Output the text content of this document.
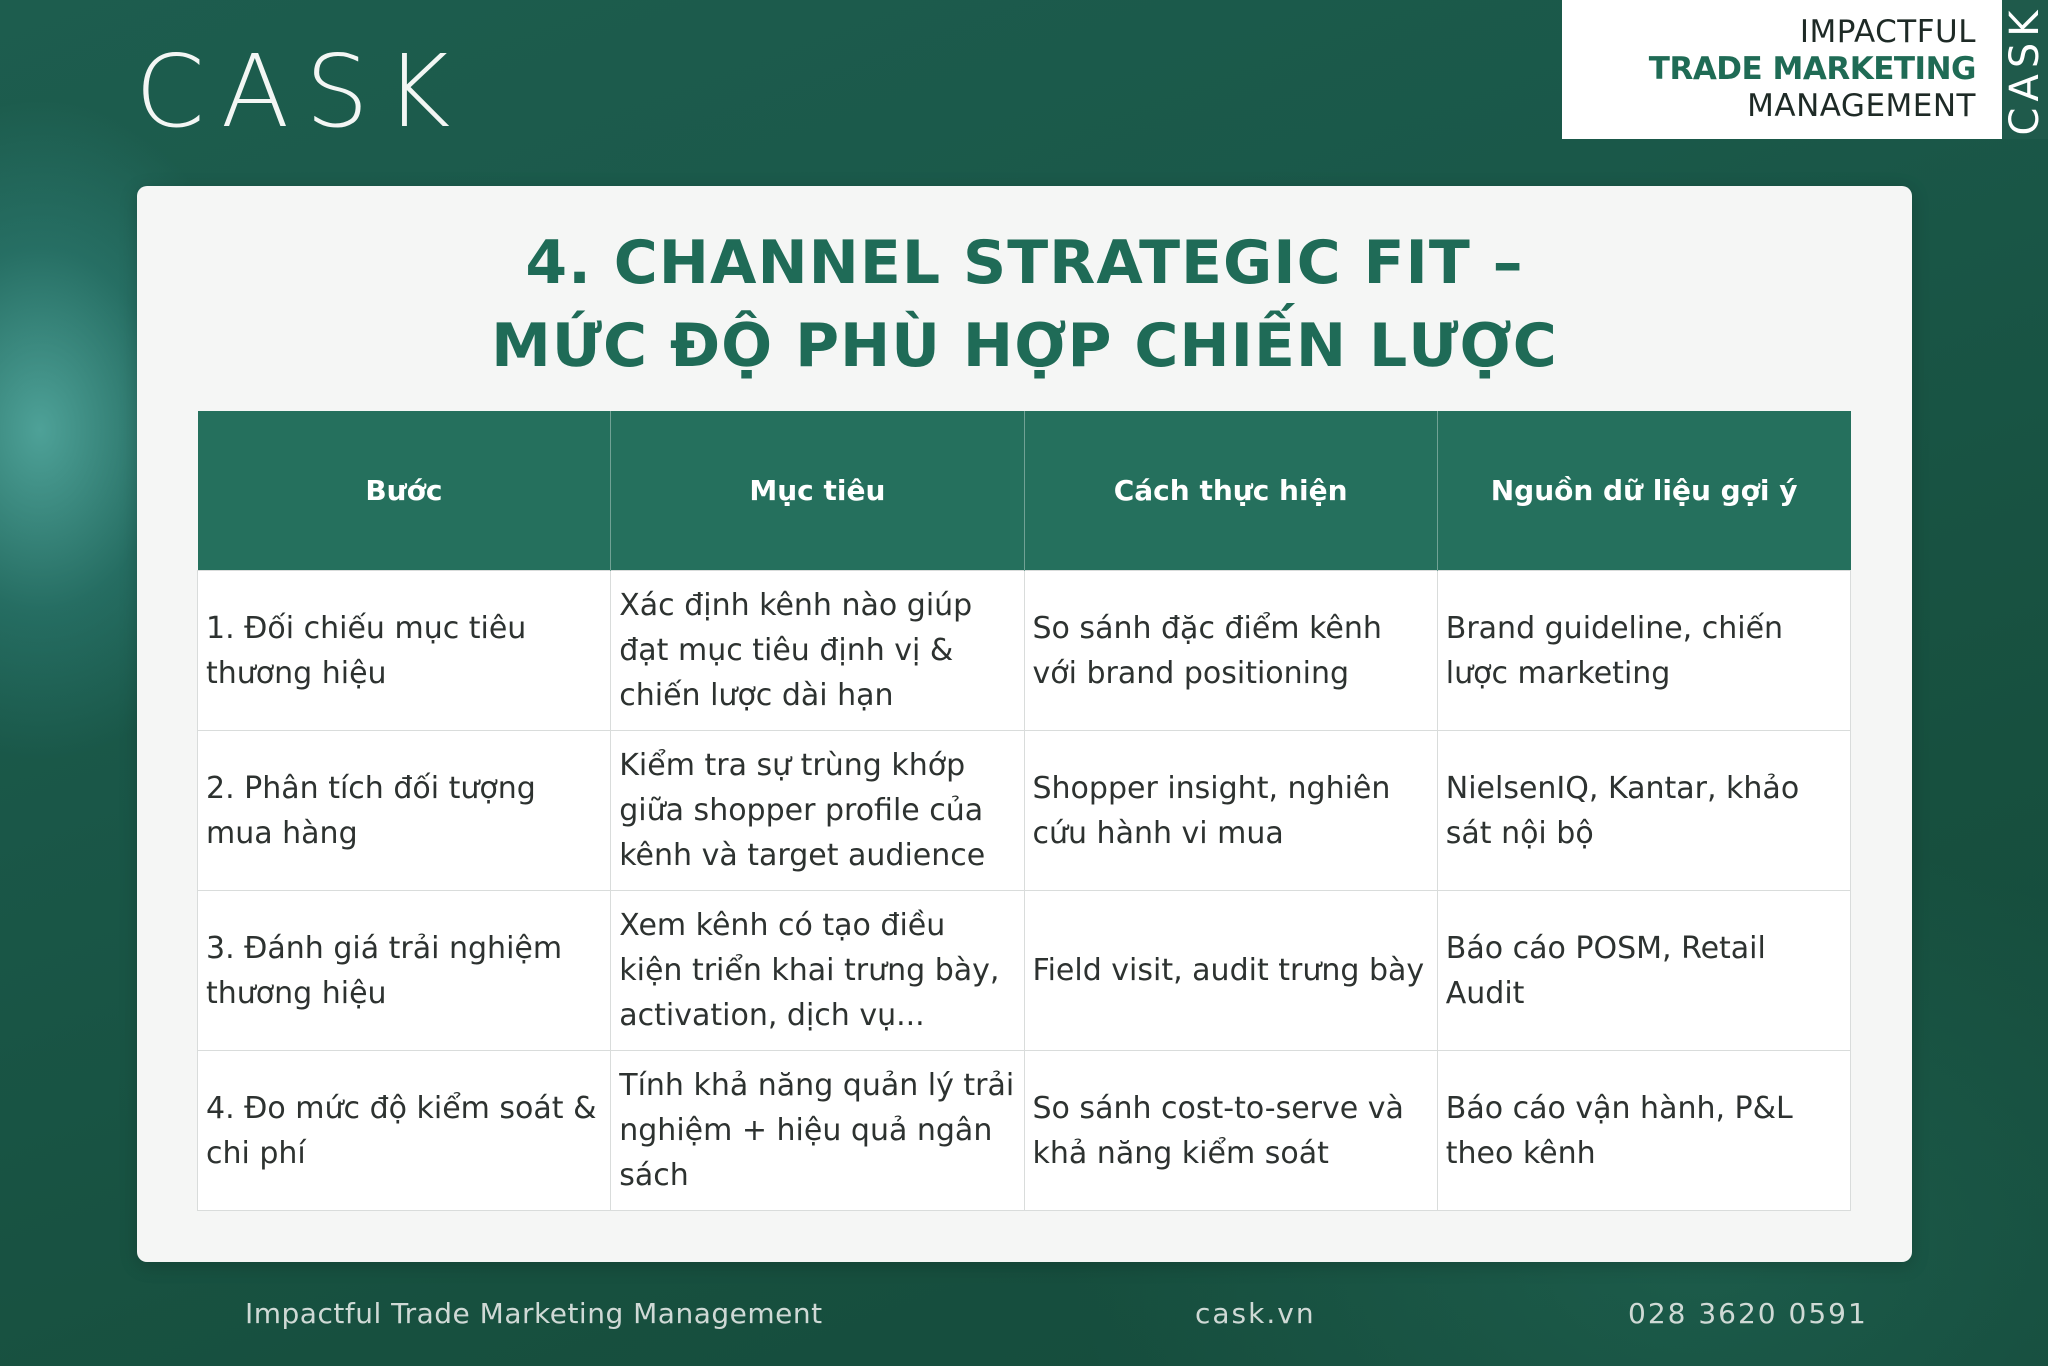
CASK
IMPACTFUL
TRADE MARKETING
MANAGEMENT CASK
4. CHANNEL STRATEGIC FIT –
MỨC ĐỘ PHÙ HỢP CHIẾN LƯỢC
Bước	Mục tiêu	Cách thực hiện	Nguồn dữ liệu gợi ý
1. Đối chiếu mục tiêu thương hiệu	Xác định kênh nào giúp đạt mục tiêu định vị & chiến lược dài hạn	So sánh đặc điểm kênh với brand positioning	Brand guideline, chiến lược marketing
2. Phân tích đối tượng mua hàng	Kiểm tra sự trùng khớp giữa shopper profile của kênh và target audience	Shopper insight, nghiên cứu hành vi mua	NielsenIQ, Kantar, khảo sát nội bộ
3. Đánh giá trải nghiệm thương hiệu	Xem kênh có tạo điều kiện triển khai trưng bày, activation, dịch vụ...	Field visit, audit trưng bày	Báo cáo POSM, Retail Audit
4. Đo mức độ kiểm soát & chi phí	Tính khả năng quản lý trải nghiệm + hiệu quả ngân sách	So sánh cost-to-serve và khả năng kiểm soát	Báo cáo vận hành, P&L theo kênh
Impactful Trade Marketing Management	cask.vn	028 3620 0591
